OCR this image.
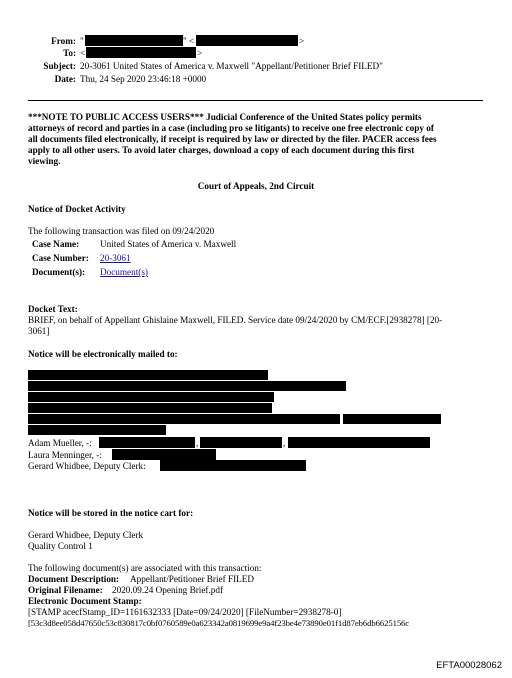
From: "	" <	>
To: <	>
Subject: 20-3061 United States of America v. Maxwell "Appellant/Petitioner Brief FILED"
Date: Thu, 24 Sep 2020 23:46:18 +0000
***NOTE TO PUBLIC ACCESS USERS*** Judicial Conference of the United States policy permits
attorneys of record and parties in a case (including pro se litigants) to receive one free electronic copy of
all documents filed electronically, if receipt is required by law or directed by the filer. PACER access fees
apply to all other users. To avoid later charges, download a copy of each document during this first
viewing.
Court of Appeals, 2nd Circuit
Notice of Docket Activity
The following transaction was filed on 09/24/2020
Case Name: United States of America v. Maxwell
Case Number: 20-3061
Document(s): Document(s)
Docket Text:
BRIEF, on behalf of Appellant Ghislaine Maxwell, FILED. Service date 09/24/2020 by CM/ECF.[2938278] [20-
3061]
Notice will be electronically mailed to:
Adam Mueller, -:	,	,
Laura Menninger, -:
Gerard Whidbee, Deputy Clerk:
Notice will be stored in the notice cart for:
Gerard Whidbee, Deputy Clerk
Quality Control 1
The following document(s) are associated with this transaction:
Document Description: Appellant/Petitioner Brief FILED
Original Filename: 2020.09.24 Opening Brief.pdf
Electronic Document Stamp:
[STAMP acecfStamp_ID=1161632333 [Date=09/24/2020] [FileNumber=2938278-0]
[53c3d8ee058d47650c53c830817c0bf0760589e0a623342a0819699e9a4f23be4e73890e01f1d87eb6db6625156c
EFTA00028062
